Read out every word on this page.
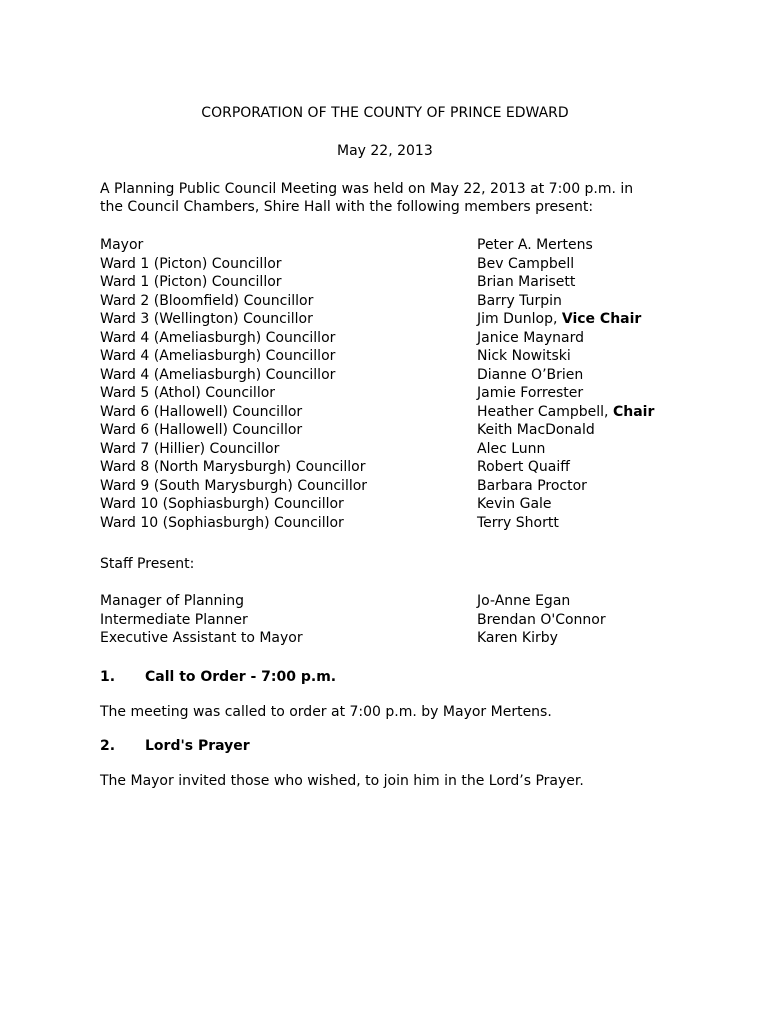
CORPORATION OF THE COUNTY OF PRINCE EDWARD
May 22, 2013
A Planning Public Council Meeting was held on May 22, 2013 at 7:00 p.m. in
the Council Chambers, Shire Hall with the following members present:
Mayor
Ward 1 (Picton) Councillor
Ward 1 (Picton) Councillor
Ward 2 (Bloomfield) Councillor
Ward 3 (Wellington) Councillor
Ward 4 (Ameliasburgh) Councillor
Ward 4 (Ameliasburgh) Councillor
Ward 4 (Ameliasburgh) Councillor
Ward 5 (Athol) Councillor
Ward 6 (Hallowell) Councillor
Ward 6 (Hallowell) Councillor
Ward 7 (Hillier) Councillor
Ward 8 (North Marysburgh) Councillor
Ward 9 (South Marysburgh) Councillor
Ward 10 (Sophiasburgh) Councillor
Ward 10 (Sophiasburgh) Councillor
Peter A. Mertens
Bev Campbell
Brian Marisett
Barry Turpin
Jim Dunlop, Vice Chair
Janice Maynard
Nick Nowitski
Dianne O’Brien
Jamie Forrester
Heather Campbell, Chair
Keith MacDonald
Alec Lunn
Robert Quaiff
Barbara Proctor
Kevin Gale
Terry Shortt
Staff Present:
Manager of Planning
Intermediate Planner
Executive Assistant to Mayor
Jo-Anne Egan
Brendan O'Connor
Karen Kirby
1. Call to Order - 7:00 p.m.
The meeting was called to order at 7:00 p.m. by Mayor Mertens.
2. Lord's Prayer
The Mayor invited those who wished, to join him in the Lord’s Prayer.
